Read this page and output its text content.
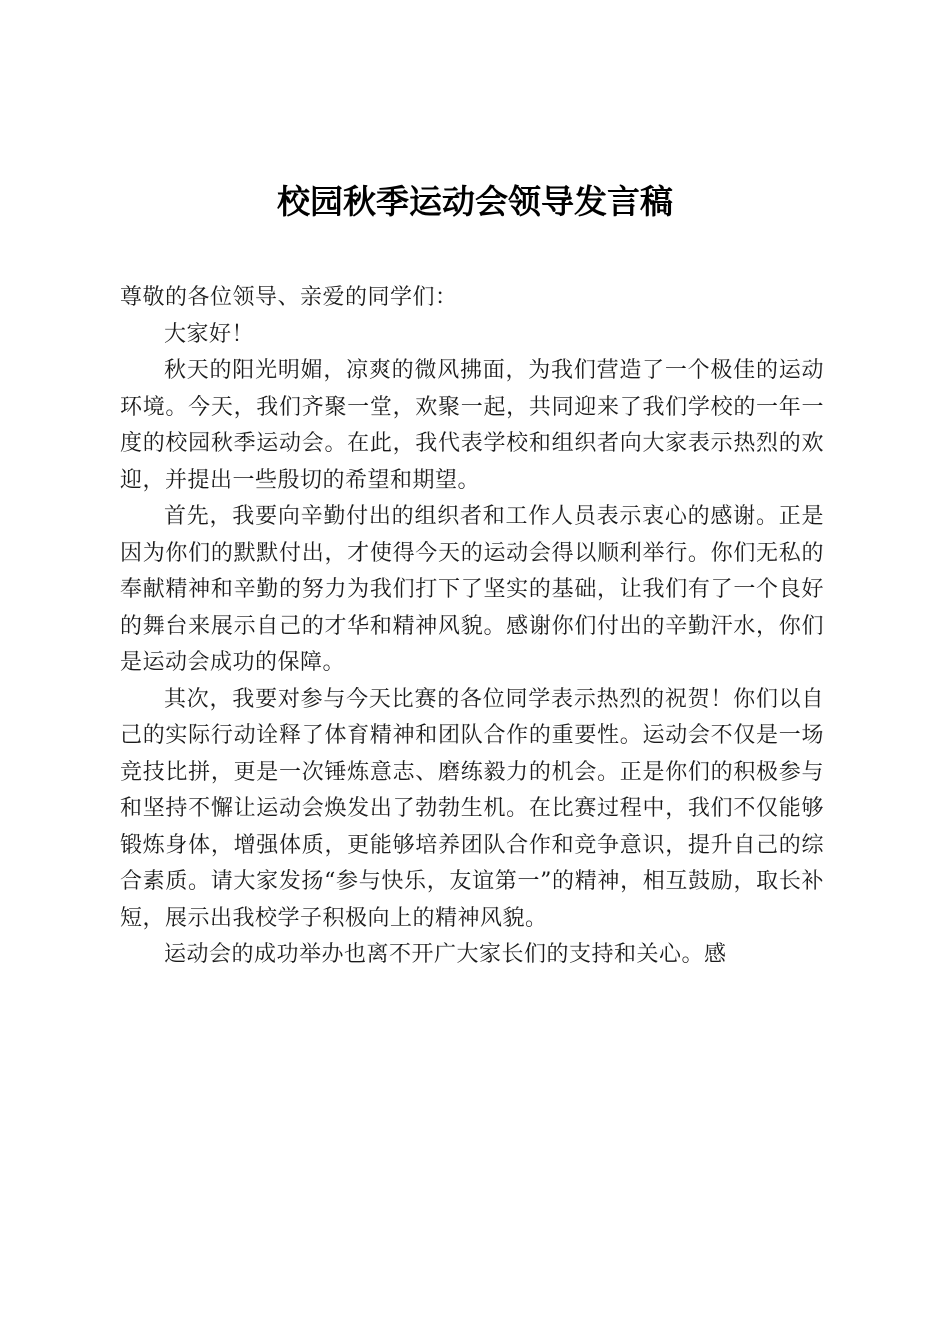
校园秋季运动会领导发言稿

尊敬的各位领导、亲爱的同学们：

大家好！

秋天的阳光明媚，凉爽的微风拂面，为我们营造了一个极佳的运动环境。今天，我们齐聚一堂，欢聚一起，共同迎来了我们学校的一年一度的校园秋季运动会。在此，我代表学校和组织者向大家表示热烈的欢迎，并提出一些殷切的希望和期望。

首先，我要向辛勤付出的组织者和工作人员表示衷心的感谢。正是因为你们的默默付出，才使得今天的运动会得以顺利举行。你们无私的奉献精神和辛勤的努力为我们打下了坚实的基础，让我们有了一个良好的舞台来展示自己的才华和精神风貌。感谢你们付出的辛勤汗水，你们是运动会成功的保障。

其次，我要对参与今天比赛的各位同学表示热烈的祝贺！你们以自己的实际行动诠释了体育精神和团队合作的重要性。运动会不仅是一场竞技比拼，更是一次锤炼意志、磨练毅力的机会。正是你们的积极参与和坚持不懈让运动会焕发出了勃勃生机。在比赛过程中，我们不仅能够锻炼身体，增强体质，更能够培养团队合作和竞争意识，提升自己的综合素质。请大家发扬“参与快乐，友谊第一”的精神，相互鼓励，取长补短，展示出我校学子积极向上的精神风貌。

运动会的成功举办也离不开广大家长们的支持和关心。感
